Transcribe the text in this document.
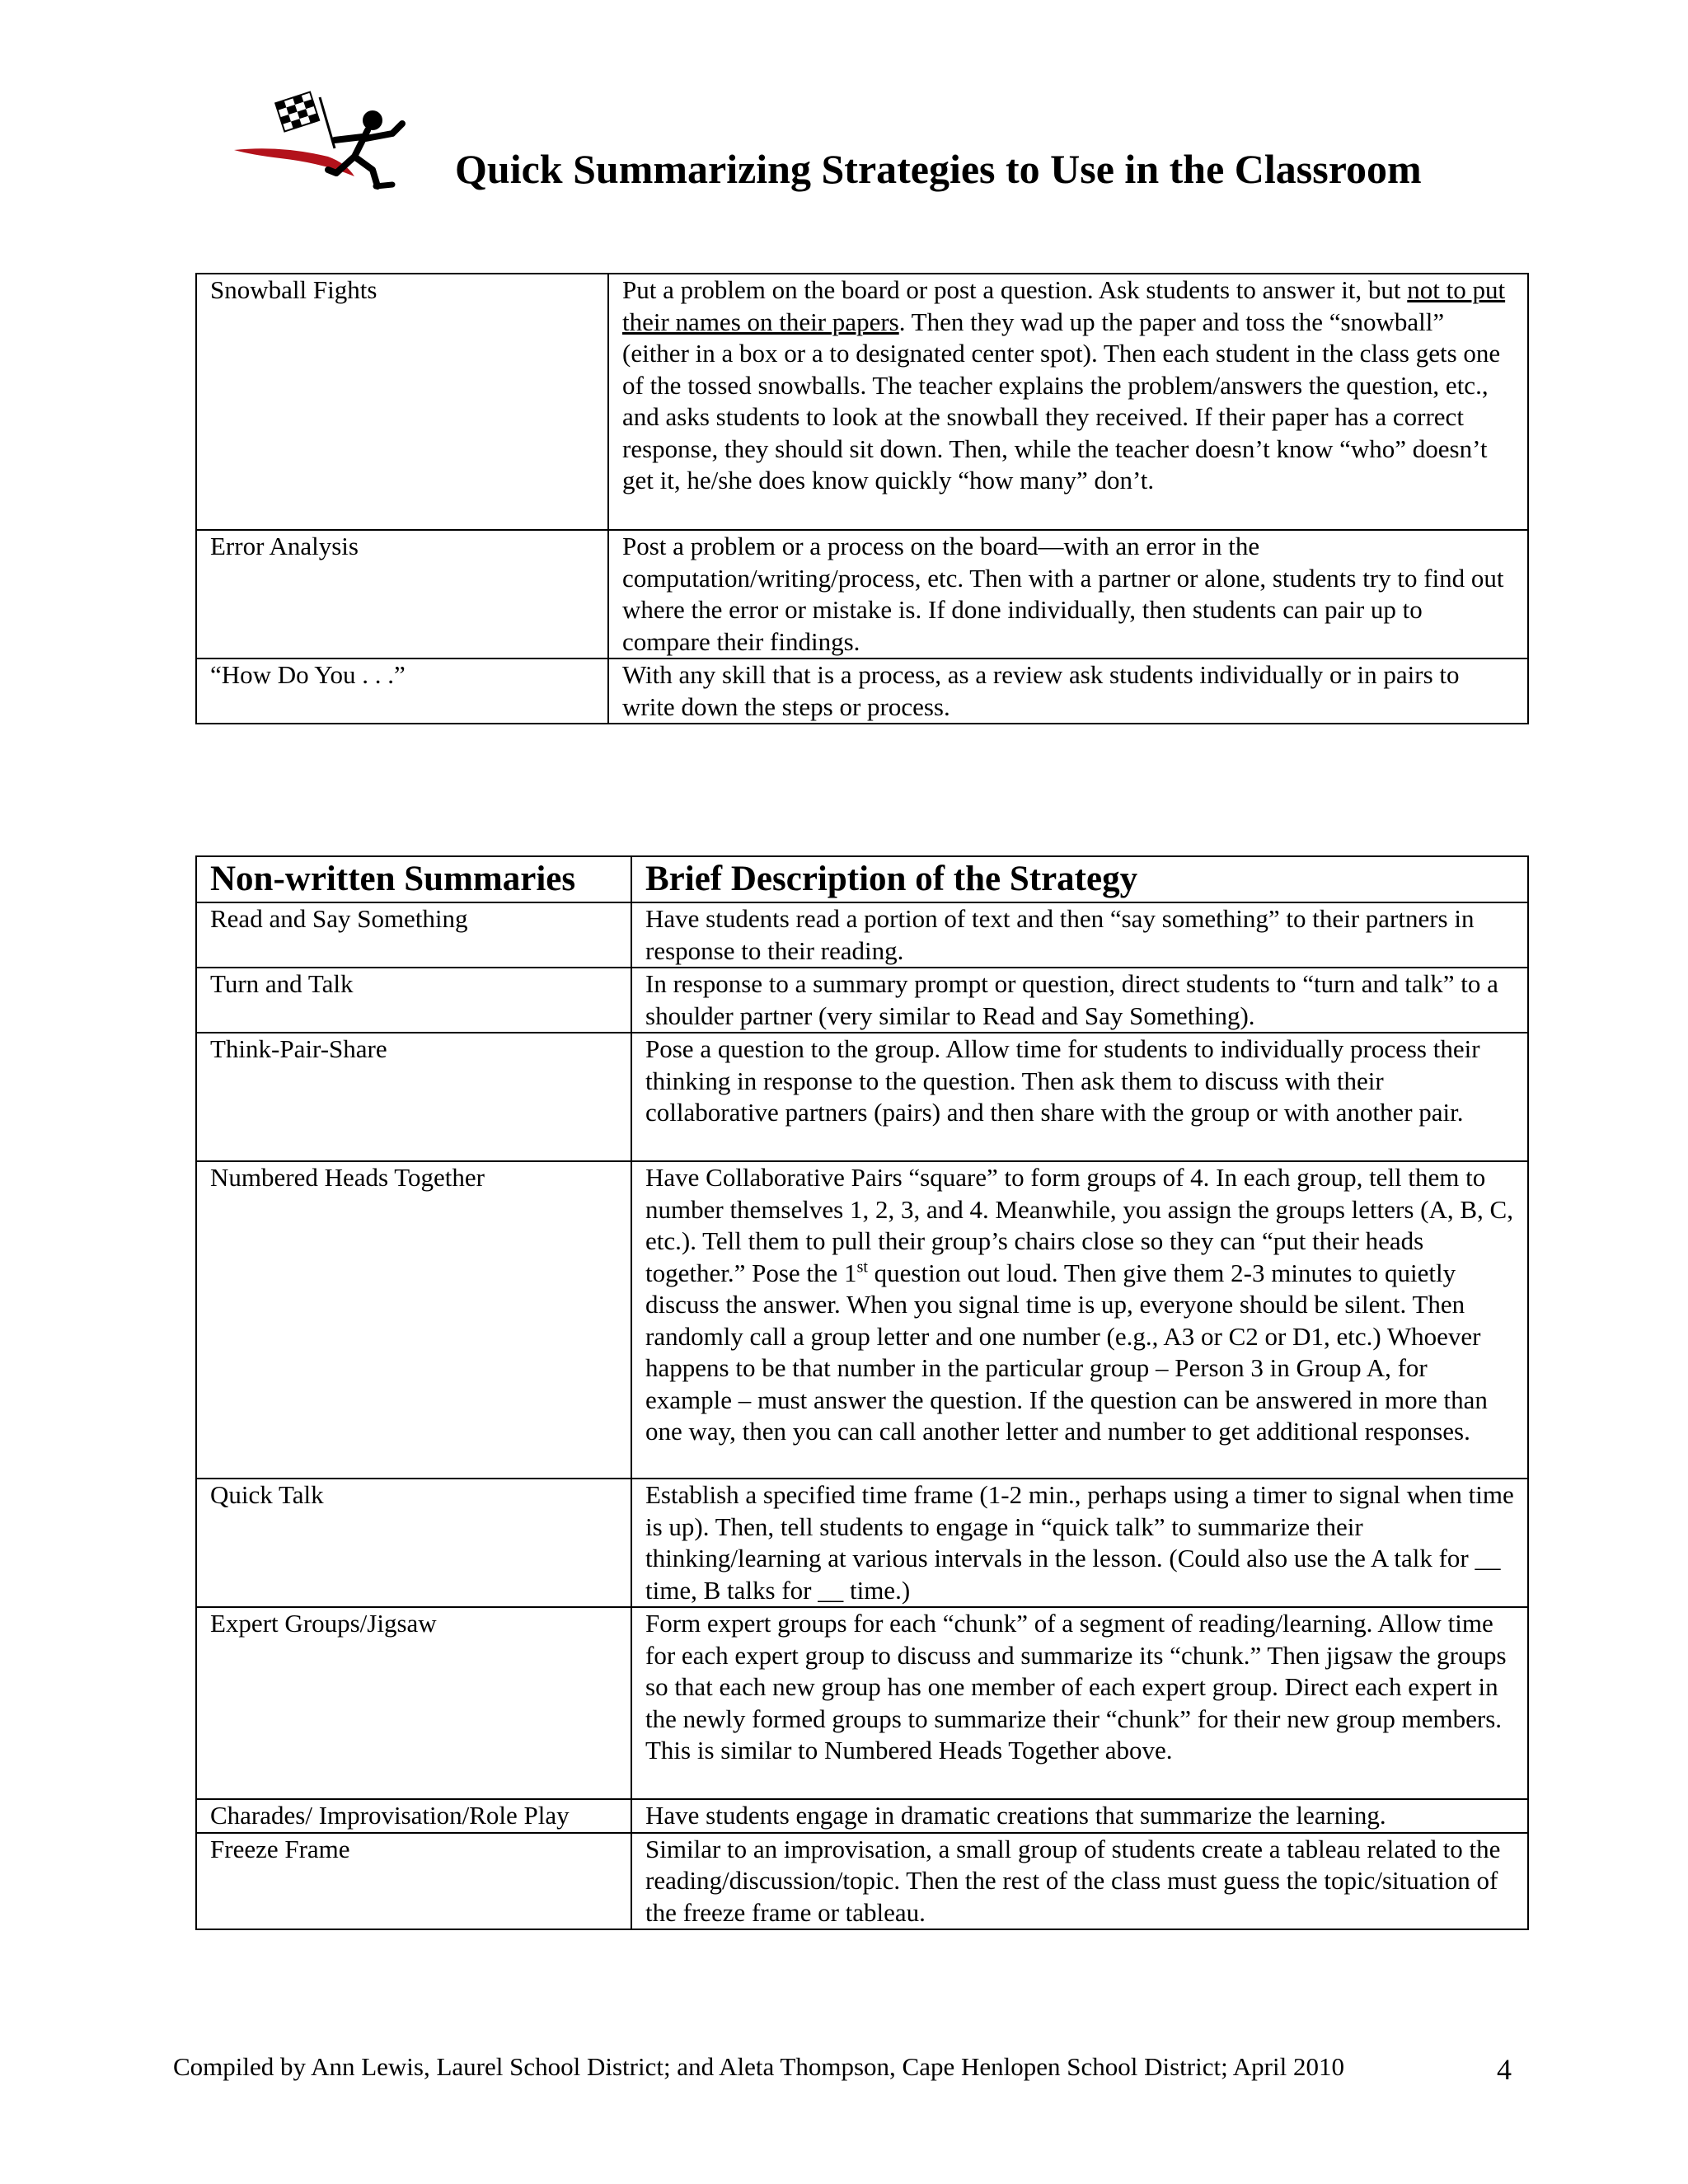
Quick Summarizing Strategies to Use in the Classroom
Snowball Fights	Put a problem on the board or post a question. Ask students to answer it, but not to put their names on their papers. Then they wad up the paper and toss the “snowball” (either in a box or a to designated center spot). Then each student in the class gets one of the tossed snowballs. The teacher explains the problem/answers the question, etc., and asks students to look at the snowball they received. If their paper has a correct response, they should sit down. Then, while the teacher doesn’t know “who” doesn’t get it, he/she does know quickly “how many” don’t.
Error Analysis	Post a problem or a process on the board—with an error in the computation/writing/process, etc. Then with a partner or alone, students try to find out where the error or mistake is. If done individually, then students can pair up to compare their findings.
“How Do You . . .”	With any skill that is a process, as a review ask students individually or in pairs to write down the steps or process.
Non-written Summaries	Brief Description of the Strategy
Read and Say Something	Have students read a portion of text and then “say something” to their partners in response to their reading.
Turn and Talk	In response to a summary prompt or question, direct students to “turn and talk” to a shoulder partner (very similar to Read and Say Something).
Think-Pair-Share	Pose a question to the group. Allow time for students to individually process their thinking in response to the question. Then ask them to discuss with their collaborative partners (pairs) and then share with the group or with another pair.
Numbered Heads Together	Have Collaborative Pairs “square” to form groups of 4. In each group, tell them to number themselves 1, 2, 3, and 4. Meanwhile, you assign the groups letters (A, B, C, etc.). Tell them to pull their group’s chairs close so they can “put their heads together.” Pose the 1st question out loud. Then give them 2-3 minutes to quietly discuss the answer. When you signal time is up, everyone should be silent. Then randomly call a group letter and one number (e.g., A3 or C2 or D1, etc.) Whoever happens to be that number in the particular group – Person 3 in Group A, for example – must answer the question. If the question can be answered in more than one way, then you can call another letter and number to get additional responses.
Quick Talk	Establish a specified time frame (1-2 min., perhaps using a timer to signal when time is up). Then, tell students to engage in “quick talk” to summarize their thinking/learning at various intervals in the lesson. (Could also use the A talk for __ time, B talks for __ time.)
Expert Groups/Jigsaw	Form expert groups for each “chunk” of a segment of reading/learning. Allow time for each expert group to discuss and summarize its “chunk.” Then jigsaw the groups so that each new group has one member of each expert group. Direct each expert in the newly formed groups to summarize their “chunk” for their new group members. This is similar to Numbered Heads Together above.
Charades/ Improvisation/Role Play	Have students engage in dramatic creations that summarize the learning.
Freeze Frame	Similar to an improvisation, a small group of students create a tableau related to the reading/discussion/topic. Then the rest of the class must guess the topic/situation of the freeze frame or tableau.
Compiled by Ann Lewis, Laurel School District; and Aleta Thompson, Cape Henlopen School District; April 2010	4
